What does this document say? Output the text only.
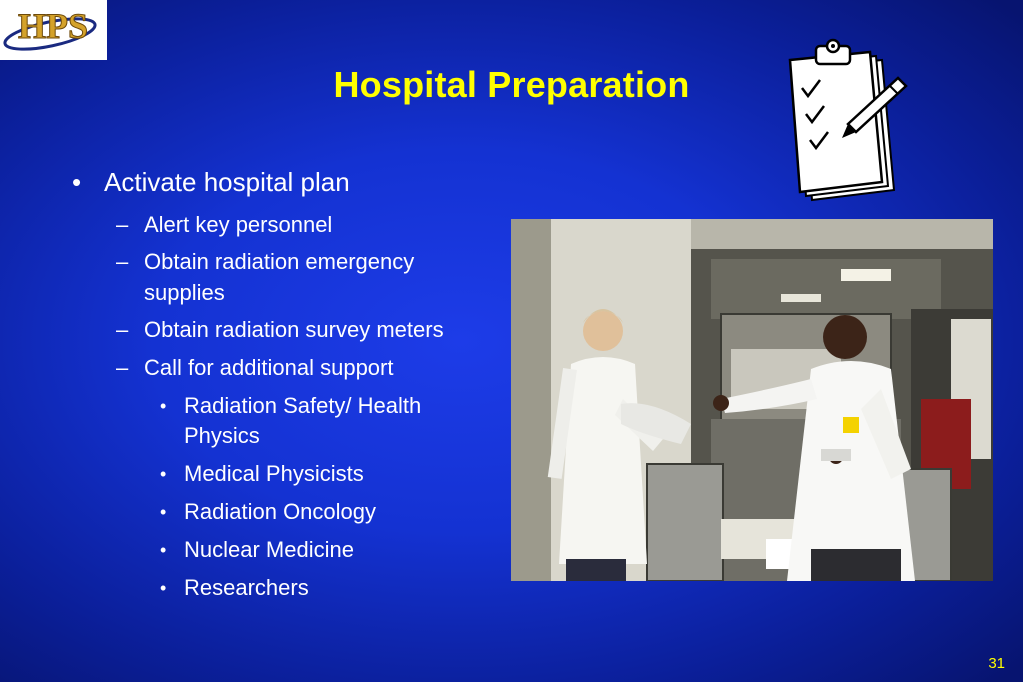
HPS
Hospital Preparation
• Activate hospital plan
– Alert key personnel
– Obtain radiation emergency
supplies
– Obtain radiation survey meters
– Call for additional support
• Radiation Safety/ Health
Physics
• Medical Physicists
• Radiation Oncology
• Nuclear Medicine
• Researchers
31
